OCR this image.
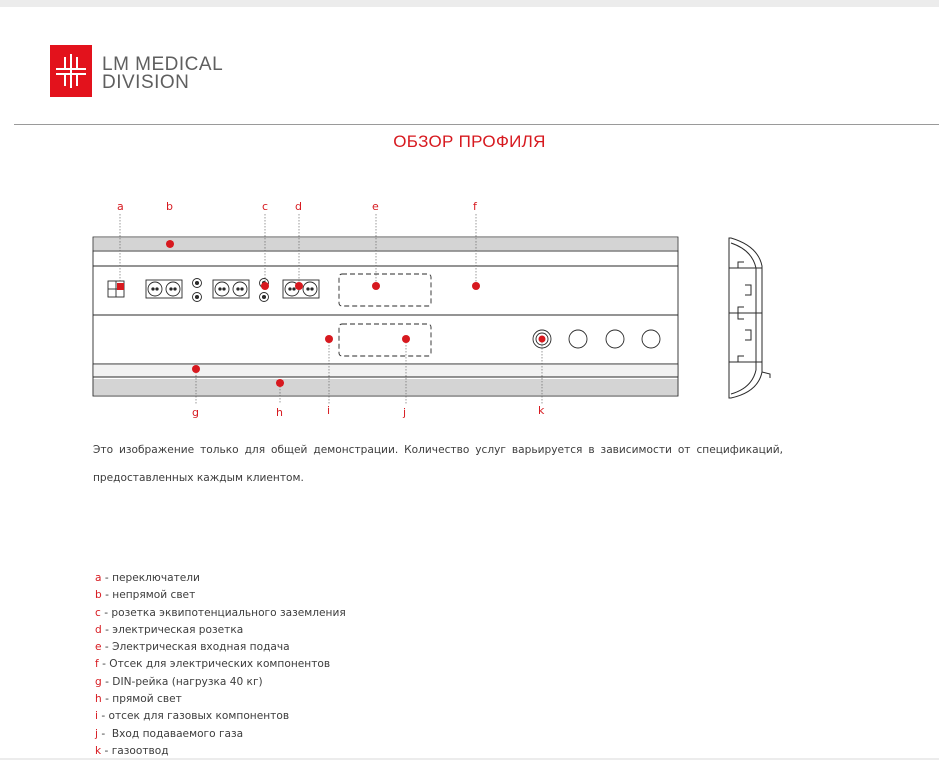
LM MEDICAL
DIVISION
ОБЗОР ПРОФИЛЯ
a	b	c d	e	f
g	h	i	j	k
Это изображение только для общей демонстрации. Количество услуг варьируется в зависимости от спецификаций,
предоставленных каждым клиентом.
a - переключатели
b - непрямой свет
c - розетка эквипотенциального заземления
d - электрическая розетка
e - Электрическая входная подача
f - Отсек для электрических компонентов
g - DIN-рейка (нагрузка 40 кг)
h - прямой свет
i - отсек для газовых компонентов
j -  Вход подаваемого газа
k - газоотвод
